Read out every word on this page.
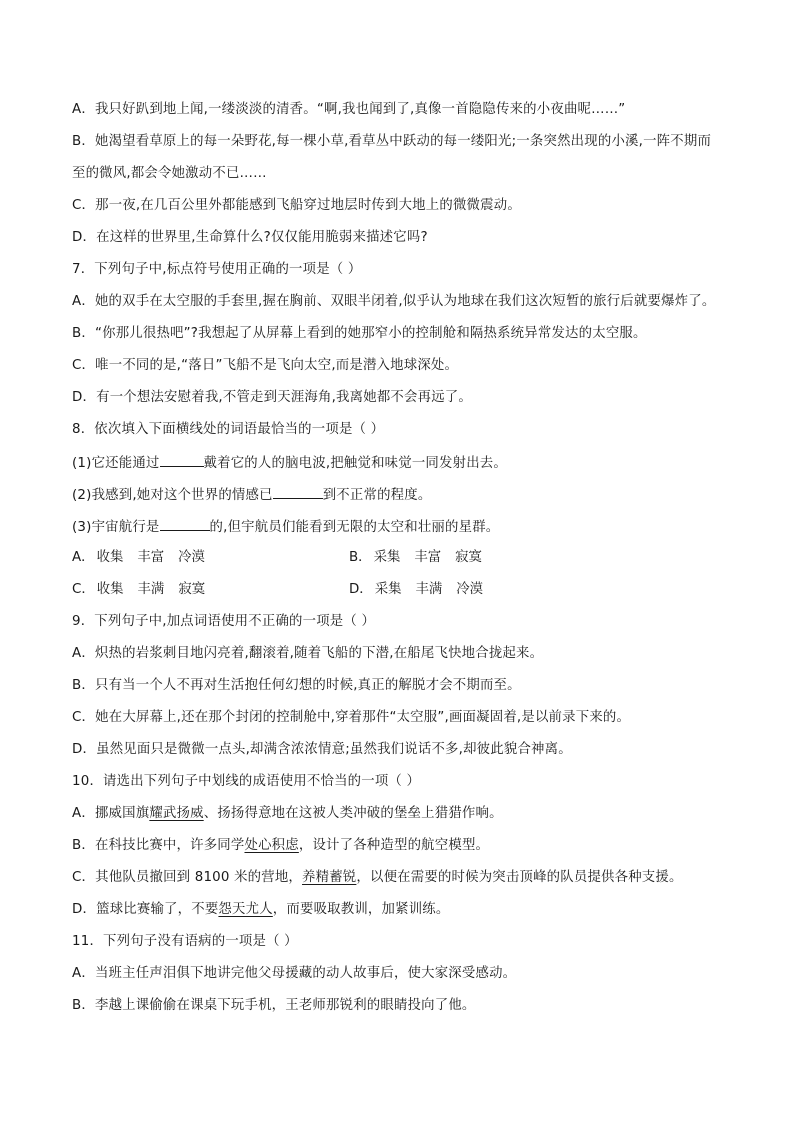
A．我只好趴到地上闻,一缕淡淡的清香。“啊,我也闻到了,真像一首隐隐传来的小夜曲呢……”
B．她渴望看草原上的每一朵野花,每一棵小草,看草丛中跃动的每一缕阳光;一条突然出现的小溪,一阵不期而
至的微风,都会令她激动不已……
C．那一夜,在几百公里外都能感到飞船穿过地层时传到大地上的微微震动。
D．在这样的世界里,生命算什么?仅仅能用脆弱来描述它吗?
7．下列句子中,标点符号使用正确的一项是（ ）
A．她的双手在太空服的手套里,握在胸前、双眼半闭着,似乎认为地球在我们这次短暂的旅行后就要爆炸了。
B．“你那儿很热吧”?我想起了从屏幕上看到的她那窄小的控制舱和隔热系统异常发达的太空服。
C．唯一不同的是,“落日”飞船不是飞向太空,而是潜入地球深处。
D．有一个想法安慰着我,不管走到天涯海角,我离她都不会再远了。
8．依次填入下面横线处的词语最恰当的一项是（ ）
(1)它还能通过	戴着它的人的脑电波,把触觉和味觉一同发射出去。
(2)我感到,她对这个世界的情感已	到不正常的程度。
(3)宇宙航行是	的,但宇航员们能看到无限的太空和壮丽的星群。
A． 收集 丰富 冷漠	B． 采集 丰富 寂寞
C． 收集 丰满 寂寞	D． 采集 丰满 冷漠
9．下列句子中,加点词语使用不正确的一项是（ ）
A．炽热的岩浆刺目地闪亮着,翻滚着,随着飞船的下潜,在船尾飞快地合拢起来。
B．只有当一个人不再对生活抱任何幻想的时候,真正的解脱才会不期而至。
C．她在大屏幕上,还在那个封闭的控制舱中,穿着那件“太空服”,画面凝固着,是以前录下来的。
D．虽然见面只是微微一点头,却满含浓浓情意;虽然我们说话不多,却彼此貌合神离。
10．请选出下列句子中划线的成语使用不恰当的一项（ ）
A．挪威国旗耀武扬威、扬扬得意地在这被人类冲破的堡垒上猎猎作响。
B．在科技比赛中，许多同学处心积虑，设计了各种造型的航空模型。
C．其他队员撤回到 8100 米的营地，养精蓄锐，以便在需要的时候为突击顶峰的队员提供各种支援。
D．篮球比赛输了，不要怨天尤人，而要吸取教训，加紧训练。
11．下列句子没有语病的一项是（ ）
A．当班主任声泪俱下地讲完他父母援藏的动人故事后，使大家深受感动。
B．李越上课偷偷在课桌下玩手机，王老师那锐利的眼睛投向了他。
